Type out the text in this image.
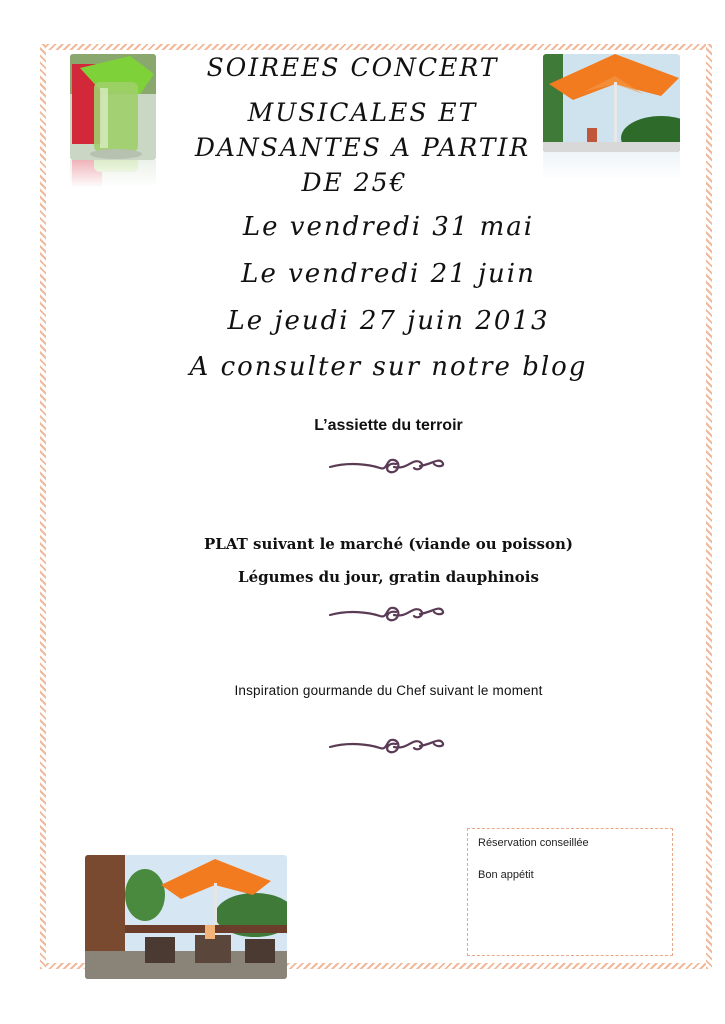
SOIREES CONCERT
MUSICALES ET
DANSANTES A PARTIR
DE 25€
Le vendredi 31 mai
Le vendredi 21 juin
Le jeudi 27 juin 2013
A consulter sur notre blog
L’assiette du terroir
PLAT suivant le marché (viande ou poisson)
Légumes du jour, gratin dauphinois
Inspiration gourmande du Chef suivant le moment
Réservation conseillée
Bon appétit
